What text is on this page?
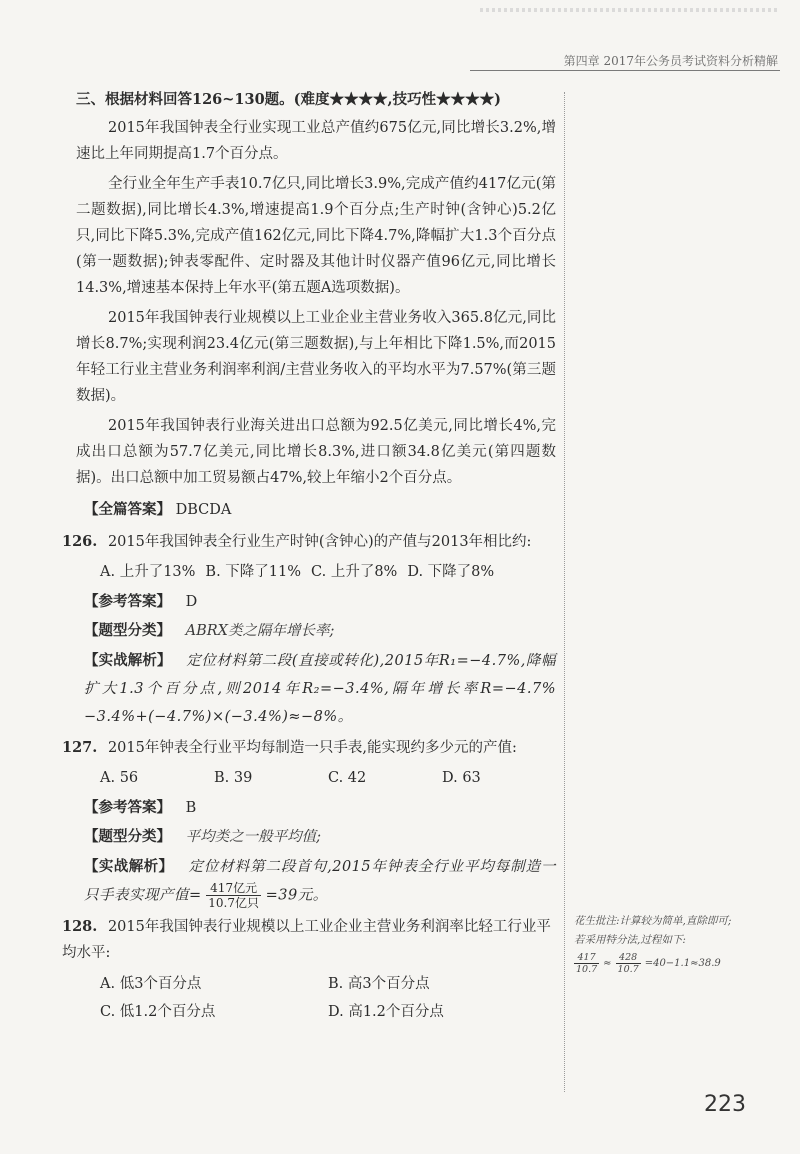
第四章 2017年公务员考试资料分析精解
三、根据材料回答126~130题。(难度★★★★,技巧性★★★★)

2015年我国钟表全行业实现工业总产值约675亿元,同比增长3.2%,增速比上年同期提高1.7个百分点。

全行业全年生产手表10.7亿只,同比增长3.9%,完成产值约417亿元(第二题数据),同比增长4.3%,增速提高1.9个百分点;生产时钟(含钟心)5.2亿只,同比下降5.3%,完成产值162亿元,同比下降4.7%,降幅扩大1.3个百分点(第一题数据);钟表零配件、定时器及其他计时仪器产值96亿元,同比增长14.3%,增速基本保持上年水平(第五题A选项数据)。

2015年我国钟表行业规模以上工业企业主营业务收入365.8亿元,同比增长8.7%;实现利润23.4亿元(第三题数据),与上年相比下降1.5%,而2015年轻工行业主营业务利润率利润/主营业务收入的平均水平为7.57%(第三题数据)。

2015年我国钟表行业海关进出口总额为92.5亿美元,同比增长4%,完成出口总额为57.7亿美元,同比增长8.3%,进口额34.8亿美元(第四题数据)。出口总额中加工贸易额占47%,较上年缩小2个百分点。

【全篇答案】 DBCDA
126. 2015年我国钟表全行业生产时钟(含钟心)的产值与2013年相比约:
A. 上升了13% B. 下降了11% C. 上升了8% D. 下降了8%
【参考答案】 D
【题型分类】 ABRX类之隔年增长率;
【实战解析】 定位材料第二段(直接或转化),2015年R₁=−4.7%,降幅扩大1.3个百分点,则2014年R₂=−3.4%,隔年增长率R=−4.7%−3.4%+(−4.7%)×(−3.4%)≈−8%。
127. 2015年钟表全行业平均每制造一只手表,能实现约多少元的产值:
A. 56	B. 39	C. 42	D. 63
【参考答案】 B
【题型分类】 平均类之一般平均值;
【实战解析】 定位材料第二段首句,2015年钟表全行业平均每制造一只手表实现产值= $\frac{\text{417亿元}}{\text{10.7亿只}} =39$元。
128. 2015年我国钟表行业规模以上工业企业主营业务利润率比轻工行业平均水平:
A. 低3个百分点	B. 高3个百分点
C. 低1.2个百分点	D. 高1.2个百分点
花生批注:计算较为简单,直除即可;
若采用特分法,过程如下:
$\frac{417}{10.7} \approx \frac{428}{10.7} =40-1.1\approx 38.9$
223
